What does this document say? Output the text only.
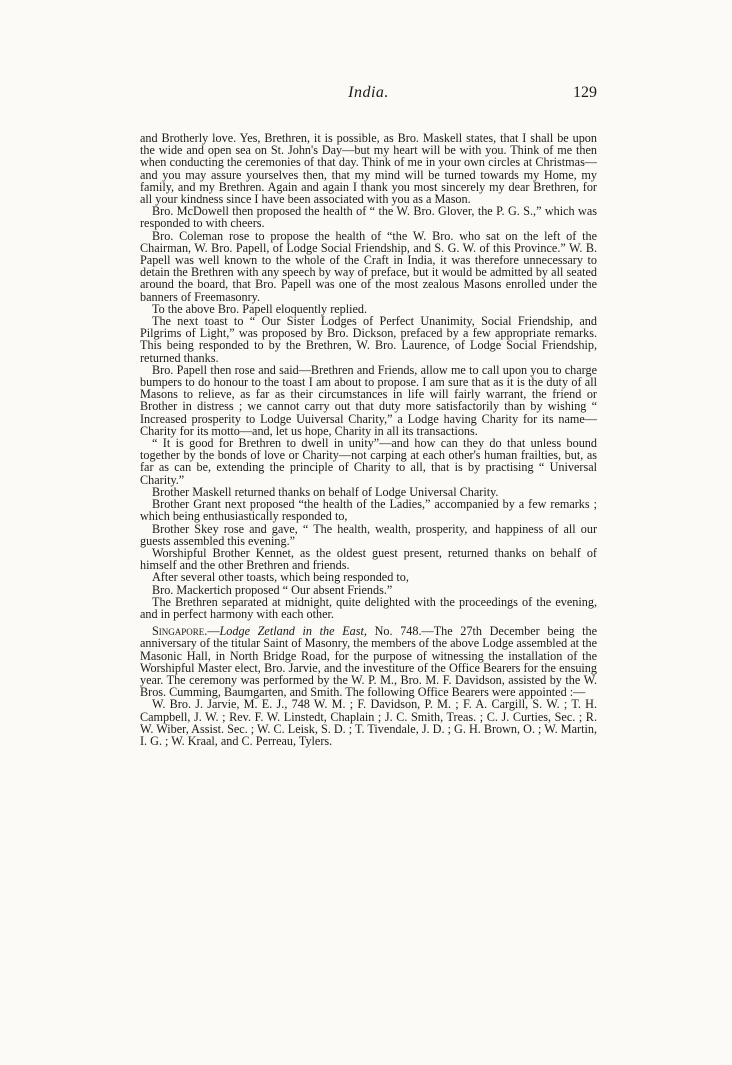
India.	129

and Brotherly love. Yes, Brethren, it is possible, as Bro. Maskell states, that I shall be upon the wide and open sea on St. John's Day—but my heart will be with you. Think of me then when conducting the ceremonies of that day. Think of me in your own circles at Christmas—and you may assure yourselves then, that my mind will be turned towards my Home, my family, and my Brethren. Again and again I thank you most sincerely my dear Brethren, for all your kindness since I have been associated with you as a Mason.

Bro. McDowell then proposed the health of “ the W. Bro. Glover, the P. G. S.,” which was responded to with cheers.

Bro. Coleman rose to propose the health of “the W. Bro. who sat on the left of the Chairman, W. Bro. Papell, of Lodge Social Friendship, and S. G. W. of this Province.” W. B. Papell was well known to the whole of the Craft in India, it was therefore unnecessary to detain the Brethren with any speech by way of preface, but it would be admitted by all seated around the board, that Bro. Papell was one of the most zealous Masons enrolled under the banners of Freemasonry.

To the above Bro. Papell eloquently replied.

The next toast to “ Our Sister Lodges of Perfect Unanimity, Social Friendship, and Pilgrims of Light,” was proposed by Bro. Dickson, prefaced by a few appropriate remarks. This being responded to by the Brethren, W. Bro. Laurence, of Lodge Social Friendship, returned thanks.

Bro. Papell then rose and said—Brethren and Friends, allow me to call upon you to charge bumpers to do honour to the toast I am about to propose. I am sure that as it is the duty of all Masons to relieve, as far as their circumstances in life will fairly warrant, the friend or Brother in distress ; we cannot carry out that duty more satisfactorily than by wishing “ Increased prosperity to Lodge Uuiversal Charity,” a Lodge having Charity for its name—Charity for its motto—and, let us hope, Charity in all its transactions.

“ It is good for Brethren to dwell in unity”—and how can they do that unless bound together by the bonds of love or Charity—not carping at each other's human frailties, but, as far as can be, extending the principle of Charity to all, that is by practising “ Universal Charity.”

Brother Maskell returned thanks on behalf of Lodge Universal Charity.

Brother Grant next proposed “the health of the Ladies,” accompanied by a few remarks ; which being enthusiastically responded to,

Brother Skey rose and gave, “ The health, wealth, prosperity, and happiness of all our guests assembled this evening.”

Worshipful Brother Kennet, as the oldest guest present, returned thanks on behalf of himself and the other Brethren and friends.

After several other toasts, which being responded to,

Bro. Mackertich proposed “ Our absent Friends.”

The Brethren separated at midnight, quite delighted with the proceedings of the evening, and in perfect harmony with each other.

Singapore.—Lodge Zetland in the East, No. 748.—The 27th December being the anniversary of the titular Saint of Masonry, the members of the above Lodge assembled at the Masonic Hall, in North Bridge Road, for the purpose of witnessing the installation of the Worshipful Master elect, Bro. Jarvie, and the investiture of the Office Bearers for the ensuing year. The ceremony was performed by the W. P. M., Bro. M. F. Davidson, assisted by the W. Bros. Cumming, Baumgarten, and Smith. The following Office Bearers were appointed :—

W. Bro. J. Jarvie, M. E. J., 748 W. M. ; F. Davidson, P. M. ; F. A. Cargill, S. W. ; T. H. Campbell, J. W. ; Rev. F. W. Linstedt, Chaplain ; J. C. Smith, Treas. ; C. J. Curties, Sec. ; R. W. Wiber, Assist. Sec. ; W. C. Leisk, S. D. ; T. Tivendale, J. D. ; G. H. Brown, O. ; W. Martin, I. G. ; W. Kraal, and C. Perreau, Tylers.
